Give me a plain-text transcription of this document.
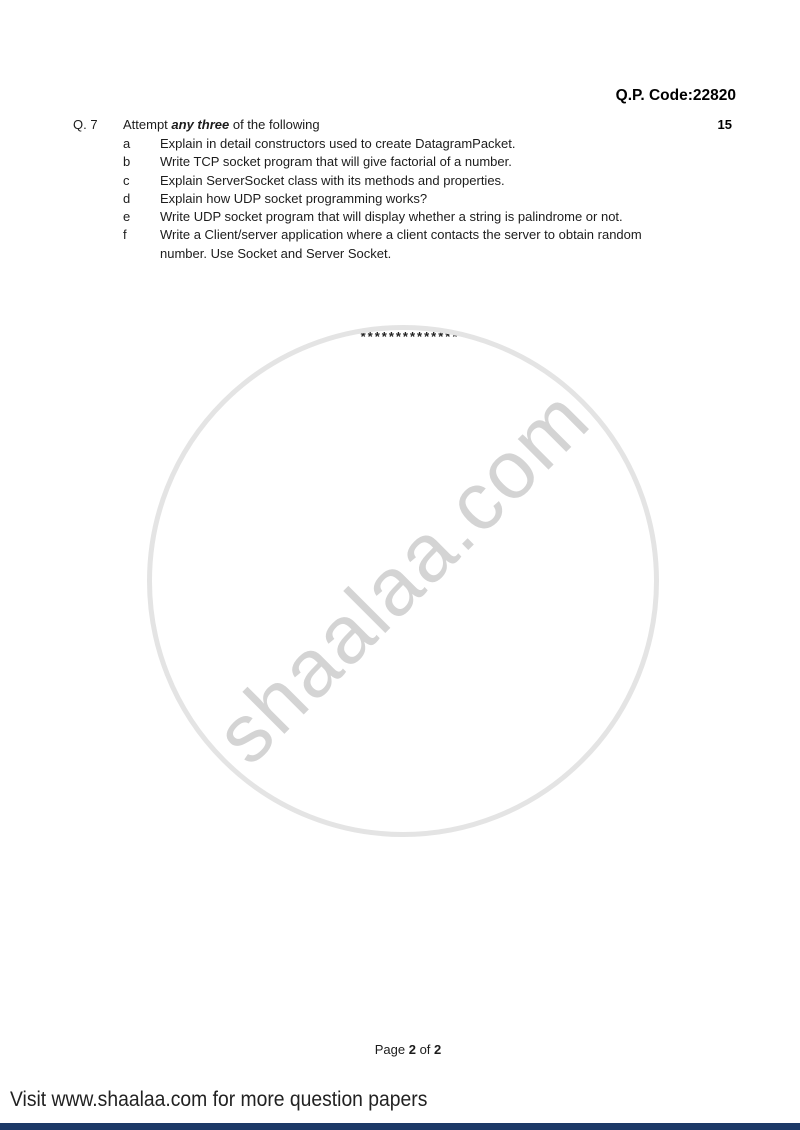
Q.P. Code:22820
Q. 7 Attempt any three of the following	15
a	Explain in detail constructors used to create DatagramPacket.
b	Write TCP socket program that will give factorial of a number.
c	Explain ServerSocket class with its methods and properties.
d	Explain how UDP socket programming works?
e	Write UDP socket program that will display whether a string is palindrome or not.
f	Write a Client/server application where a client contacts the server to obtain random number. Use Socket and Server Socket.
**************
shaalaa.com
Page 2 of 2
Visit www.shaalaa.com for more question papers
